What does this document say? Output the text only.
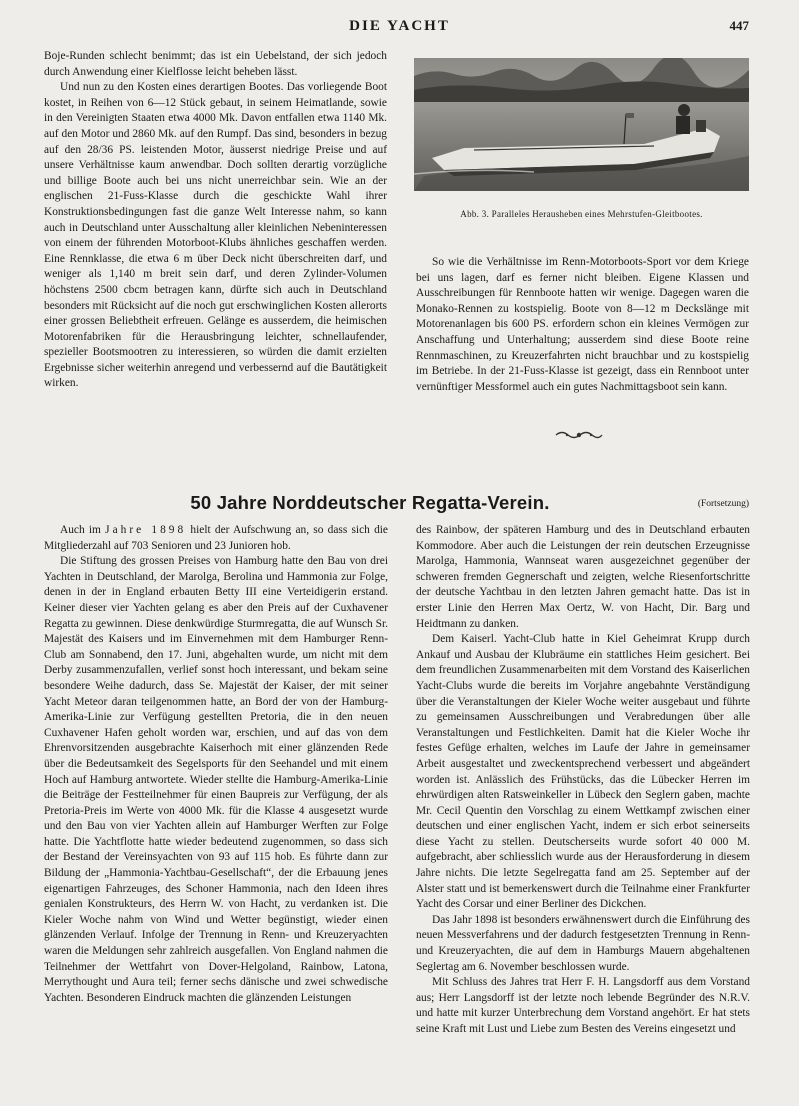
DIE YACHT	447

Boje-Runden schlecht benimmt; das ist ein Uebelstand, der sich jedoch durch Anwendung einer Kielflosse leicht beheben lässt.

Und nun zu den Kosten eines derartigen Bootes. Das vorliegende Boot kostet, in Reihen von 6—12 Stück gebaut, in seinem Heimatlande, sowie in den Vereinigten Staaten etwa 4000 Mk. Davon entfallen etwa 1140 Mk. auf den Motor und 2860 Mk. auf den Rumpf. Das sind, besonders in bezug auf den 28/36 PS. leistenden Motor, äusserst niedrige Preise und auf unsere Verhältnisse kaum anwendbar. Doch sollten derartig vorzügliche und billige Boote auch bei uns nicht unerreichbar sein. Wie an der englischen 21-Fuss-Klasse durch die geschickte Wahl ihrer Konstruktionsbedingungen fast die ganze Welt Interesse nahm, so kann auch in Deutschland unter Ausschaltung aller kleinlichen Nebeninteressen von einem der führenden Motorboot-Klubs ähnliches geschaffen werden. Eine Rennklasse, die etwa 6 m über Deck nicht überschreiten darf, und weniger als 1,140 m breit sein darf, und deren Zylinder-Volumen höchstens 2500 cbcm betragen kann, dürfte sich auch in Deutschland besonders mit Rücksicht auf die noch gut erschwinglichen Kosten allerorts einer grossen Beliebtheit erfreuen. Gelänge es ausserdem, die heimischen Motorenfabriken für die Herausbringung leichter, schnellaufender, spezieller Bootsmootren zu interessieren, so würden die damit erzielten Ergebnisse sicher weiterhin anregend und verbessernd auf die Bautätigkeit wirken.

Abb. 3. Paralleles Herausheben eines Mehrstufen-Gleitbootes.

So wie die Verhältnisse im Renn-Motorboots-Sport vor dem Kriege bei uns lagen, darf es ferner nicht bleiben. Eigene Klassen und Ausschreibungen für Rennboote hatten wir wenige. Dagegen waren die Monako-Rennen zu kostspielig. Boote von 8—12 m Deckslänge mit Motorenanlagen bis 600 PS. erfordern schon ein kleines Vermögen zur Anschaffung und Unterhaltung; ausserdem sind diese Boote reine Rennmaschinen, zu Kreuzerfahrten nicht brauchbar und zu kostspielig im Betriebe. In der 21-Fuss-Klasse ist gezeigt, dass ein Rennboot unter vernünftiger Messformel auch ein gutes Nachmittagsboot sein kann.

50 Jahre Norddeutscher Regatta-Verein.	(Fortsetzung)

Auch im Jahre 1898 hielt der Aufschwung an, so dass sich die Mitgliederzahl auf 703 Senioren und 23 Junioren hob.

Die Stiftung des grossen Preises von Hamburg hatte den Bau von drei Yachten in Deutschland, der Marolga, Berolina und Hammonia zur Folge, denen in der in England erbauten Betty III eine Verteidigerin erstand. Keiner dieser vier Yachten gelang es aber den Preis auf der Cuxhavener Regatta zu gewinnen. Diese denkwürdige Sturmregatta, die auf Wunsch Sr. Majestät des Kaisers und im Einvernehmen mit dem Hamburger Renn-Club am Sonnabend, den 17. Juni, abgehalten wurde, um nicht mit dem Derby zusammenzufallen, verlief sonst hoch interessant, und bekam seine besondere Weihe dadurch, dass Se. Majestät der Kaiser, der mit seiner Yacht Meteor daran teilgenommen hatte, an Bord der von der Hamburg-Amerika-Linie zur Verfügung gestellten Pretoria, die in den neuen Cuxhavener Hafen geholt worden war, erschien, und auf das von dem Ehrenvorsitzenden ausgebrachte Kaiserhoch mit einer glänzenden Rede über die Bedeutsamkeit des Segelsports für den Seehandel und mit einem Hoch auf Hamburg antwortete. Wieder stellte die Hamburg-Amerika-Linie die Beiträge der Festteilnehmer für einen Baupreis zur Verfügung, der als Pretoria-Preis im Werte von 4000 Mk. für die Klasse 4 ausgesetzt wurde und den Bau von vier Yachten allein auf Hamburger Werften zur Folge hatte. Die Yachtflotte hatte wieder bedeutend zugenommen, so dass sich der Bestand der Vereinsyachten von 93 auf 115 hob. Es führte dann zur Bildung der „Hammonia-Yachtbau-Gesellschaft“, der die Erbauung jenes eigenartigen Fahrzeuges, des Schoner Hammonia, nach den Ideen ihres genialen Konstrukteurs, des Herrn W. von Hacht, zu verdanken ist. Die Kieler Woche nahm von Wind und Wetter begünstigt, wieder einen glänzenden Verlauf. Infolge der Trennung in Renn- und Kreuzeryachten waren die Meldungen sehr zahlreich ausgefallen. Von England nahmen die Teilnehmer der Wettfahrt von Dover-Helgoland, Rainbow, Latona, Merrythought und Aura teil; ferner sechs dänische und zwei schwedische Yachten. Besonderen Eindruck machten die glänzenden Leistungen

des Rainbow, der späteren Hamburg und des in Deutschland erbauten Kommodore. Aber auch die Leistungen der rein deutschen Erzeugnisse Marolga, Hammonia, Wannseat waren ausgezeichnet gegenüber der schweren fremden Gegnerschaft und zeigten, welche Riesenfortschritte der deutsche Yachtbau in den letzten Jahren gemacht hatte. Das ist in erster Linie den Herren Max Oertz, W. von Hacht, Dir. Barg und Heidtmann zu danken.

Dem Kaiserl. Yacht-Club hatte in Kiel Geheimrat Krupp durch Ankauf und Ausbau der Klubräume ein stattliches Heim gesichert. Bei dem freundlichen Zusammenarbeiten mit dem Vorstand des Kaiserlichen Yacht-Clubs wurde die bereits im Vorjahre angebahnte Verständigung über die Veranstaltungen der Kieler Woche weiter ausgebaut und führte zu gemeinsamen Ausschreibungen und Verabredungen über alle Veranstaltungen und Festlichkeiten. Damit hat die Kieler Woche ihr festes Gefüge erhalten, welches im Laufe der Jahre in gemeinsamer Arbeit ausgestaltet und zweckentsprechend verbessert und abgeändert worden ist. Anlässlich des Frühstücks, das die Lübecker Herren im ehrwürdigen alten Ratsweinkeller in Lübeck den Seglern gaben, machte Mr. Cecil Quentin den Vorschlag zu einem Wettkampf zwischen einer deutschen und einer englischen Yacht, indem er sich erbot seinerseits diese Yacht zu stellen. Deutscherseits wurde sofort 40 000 M. aufgebracht, aber schliesslich wurde aus der Herausforderung in diesem Jahre nichts. Die letzte Segelregatta fand am 25. September auf der Alster statt und ist bemerkenswert durch die Teilnahme einer Frankfurter Yacht des Corsar und einer Berliner des Dickchen.

Das Jahr 1898 ist besonders erwähnenswert durch die Einführung des neuen Messverfahrens und der dadurch festgesetzten Trennung in Renn- und Kreuzeryachten, die auf dem in Hamburgs Mauern abgehaltenen Seglertag am 6. November beschlossen wurde.

Mit Schluss des Jahres trat Herr F. H. Langsdorff aus dem Vorstand aus; Herr Langsdorff ist der letzte noch lebende Begründer des N.R.V. und hatte mit kurzer Unterbrechung dem Vorstand angehört. Er hat stets seine Kraft mit Lust und Liebe zum Besten des Vereins eingesetzt und
